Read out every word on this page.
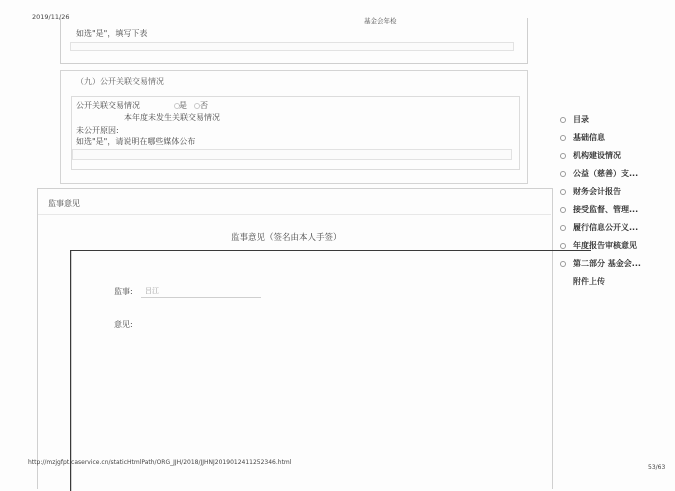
2019/11/26	基金会年检
如选"是"，填写下表
（九）公开关联交易情况
公开关联交易情况	是 否
本年度未发生关联交易情况
未公开原因:
如选"是"，请说明在哪些媒体公布
监事意见
监事意见（签名由本人手签）
监事: 吕江
意见:
目录
基础信息
机构建设情况
公益（慈善）支...
财务会计报告
接受监督、管理...
履行信息公开义...
年度报告审核意见
第二部分 基金会...
附件上传
http://mzjgfpt.caservice.cn/staticHtmlPath/ORG_JJH/2018/JJHNJ201901241125234​6.html
53/63
